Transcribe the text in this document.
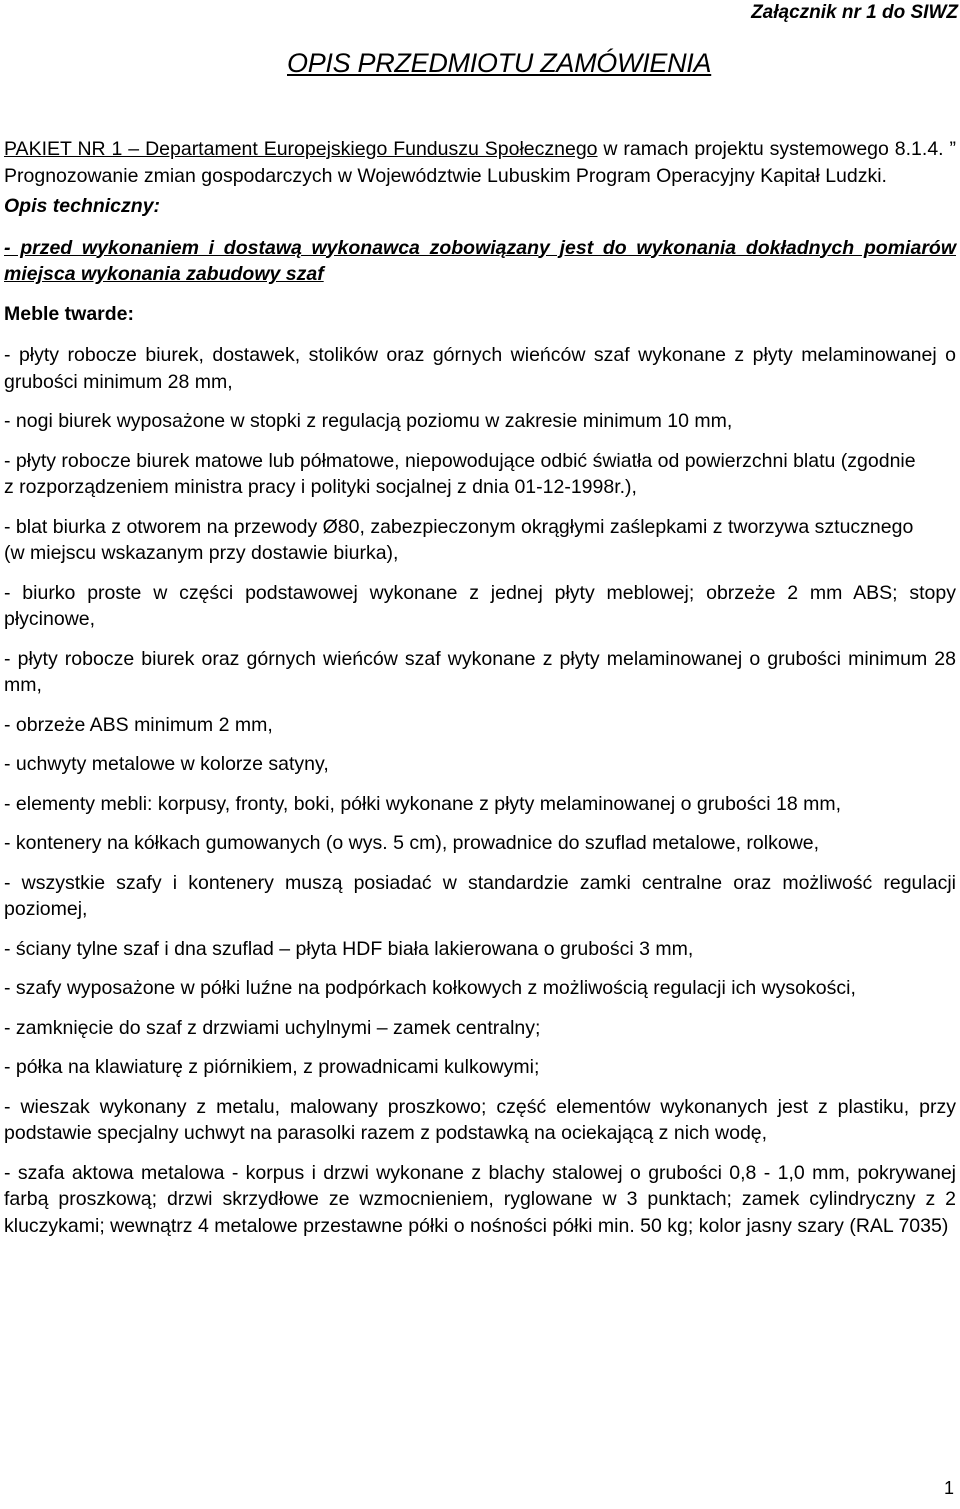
Załącznik nr 1 do SIWZ
OPIS PRZEDMIOTU ZAMÓWIENIA

PAKIET NR 1 – Departament Europejskiego Funduszu Społecznego w ramach projektu systemowego 8.1.4. ” Prognozowanie zmian gospodarczych w Województwie Lubuskim Program Operacyjny Kapitał Ludzki.

Opis techniczny:

- przed wykonaniem i dostawą wykonawca zobowiązany jest do wykonania dokładnych pomiarów miejsca wykonania zabudowy szaf

Meble twarde:

- płyty robocze biurek, dostawek, stolików oraz górnych wieńców szaf wykonane z płyty melaminowanej o grubości minimum 28 mm,

- nogi biurek wyposażone w stopki z regulacją poziomu w zakresie minimum 10 mm,

- płyty robocze biurek matowe lub półmatowe, niepowodujące odbić światła od powierzchni blatu (zgodnie
z rozporządzeniem ministra pracy i polityki socjalnej z dnia 01-12-1998r.),

- blat biurka z otworem na przewody Ø80, zabezpieczonym okrągłymi zaślepkami z tworzywa sztucznego
(w miejscu wskazanym przy dostawie biurka),

- biurko proste w części podstawowej wykonane z jednej płyty meblowej; obrzeże 2 mm ABS; stopy płycinowe,

- płyty robocze biurek oraz górnych wieńców szaf wykonane z płyty melaminowanej o grubości minimum 28 mm,

- obrzeże ABS minimum 2 mm,

- uchwyty metalowe w kolorze satyny,

- elementy mebli: korpusy, fronty, boki, półki wykonane z płyty melaminowanej o grubości 18 mm,

- kontenery na kółkach gumowanych (o wys. 5 cm), prowadnice do szuflad metalowe, rolkowe,

- wszystkie szafy i kontenery muszą posiadać w standardzie zamki centralne oraz możliwość regulacji poziomej,

- ściany tylne szaf i dna szuflad – płyta HDF biała lakierowana o grubości 3 mm,

- szafy wyposażone w półki luźne na podpórkach kołkowych z możliwością regulacji ich wysokości,

- zamknięcie do szaf z drzwiami uchylnymi – zamek centralny;

- półka na klawiaturę z piórnikiem, z prowadnicami kulkowymi;

- wieszak wykonany z metalu, malowany proszkowo; część elementów wykonanych jest z plastiku, przy podstawie specjalny uchwyt na parasolki razem z podstawką na ociekającą z nich wodę,

- szafa aktowa metalowa - korpus i drzwi wykonane z blachy stalowej o grubości 0,8 - 1,0 mm, pokrywanej farbą proszkową; drzwi skrzydłowe ze wzmocnieniem, ryglowane w 3 punktach; zamek cylindryczny z 2 kluczykami; wewnątrz 4 metalowe przestawne półki o nośności półki min. 50 kg; kolor jasny szary (RAL 7035)

1
